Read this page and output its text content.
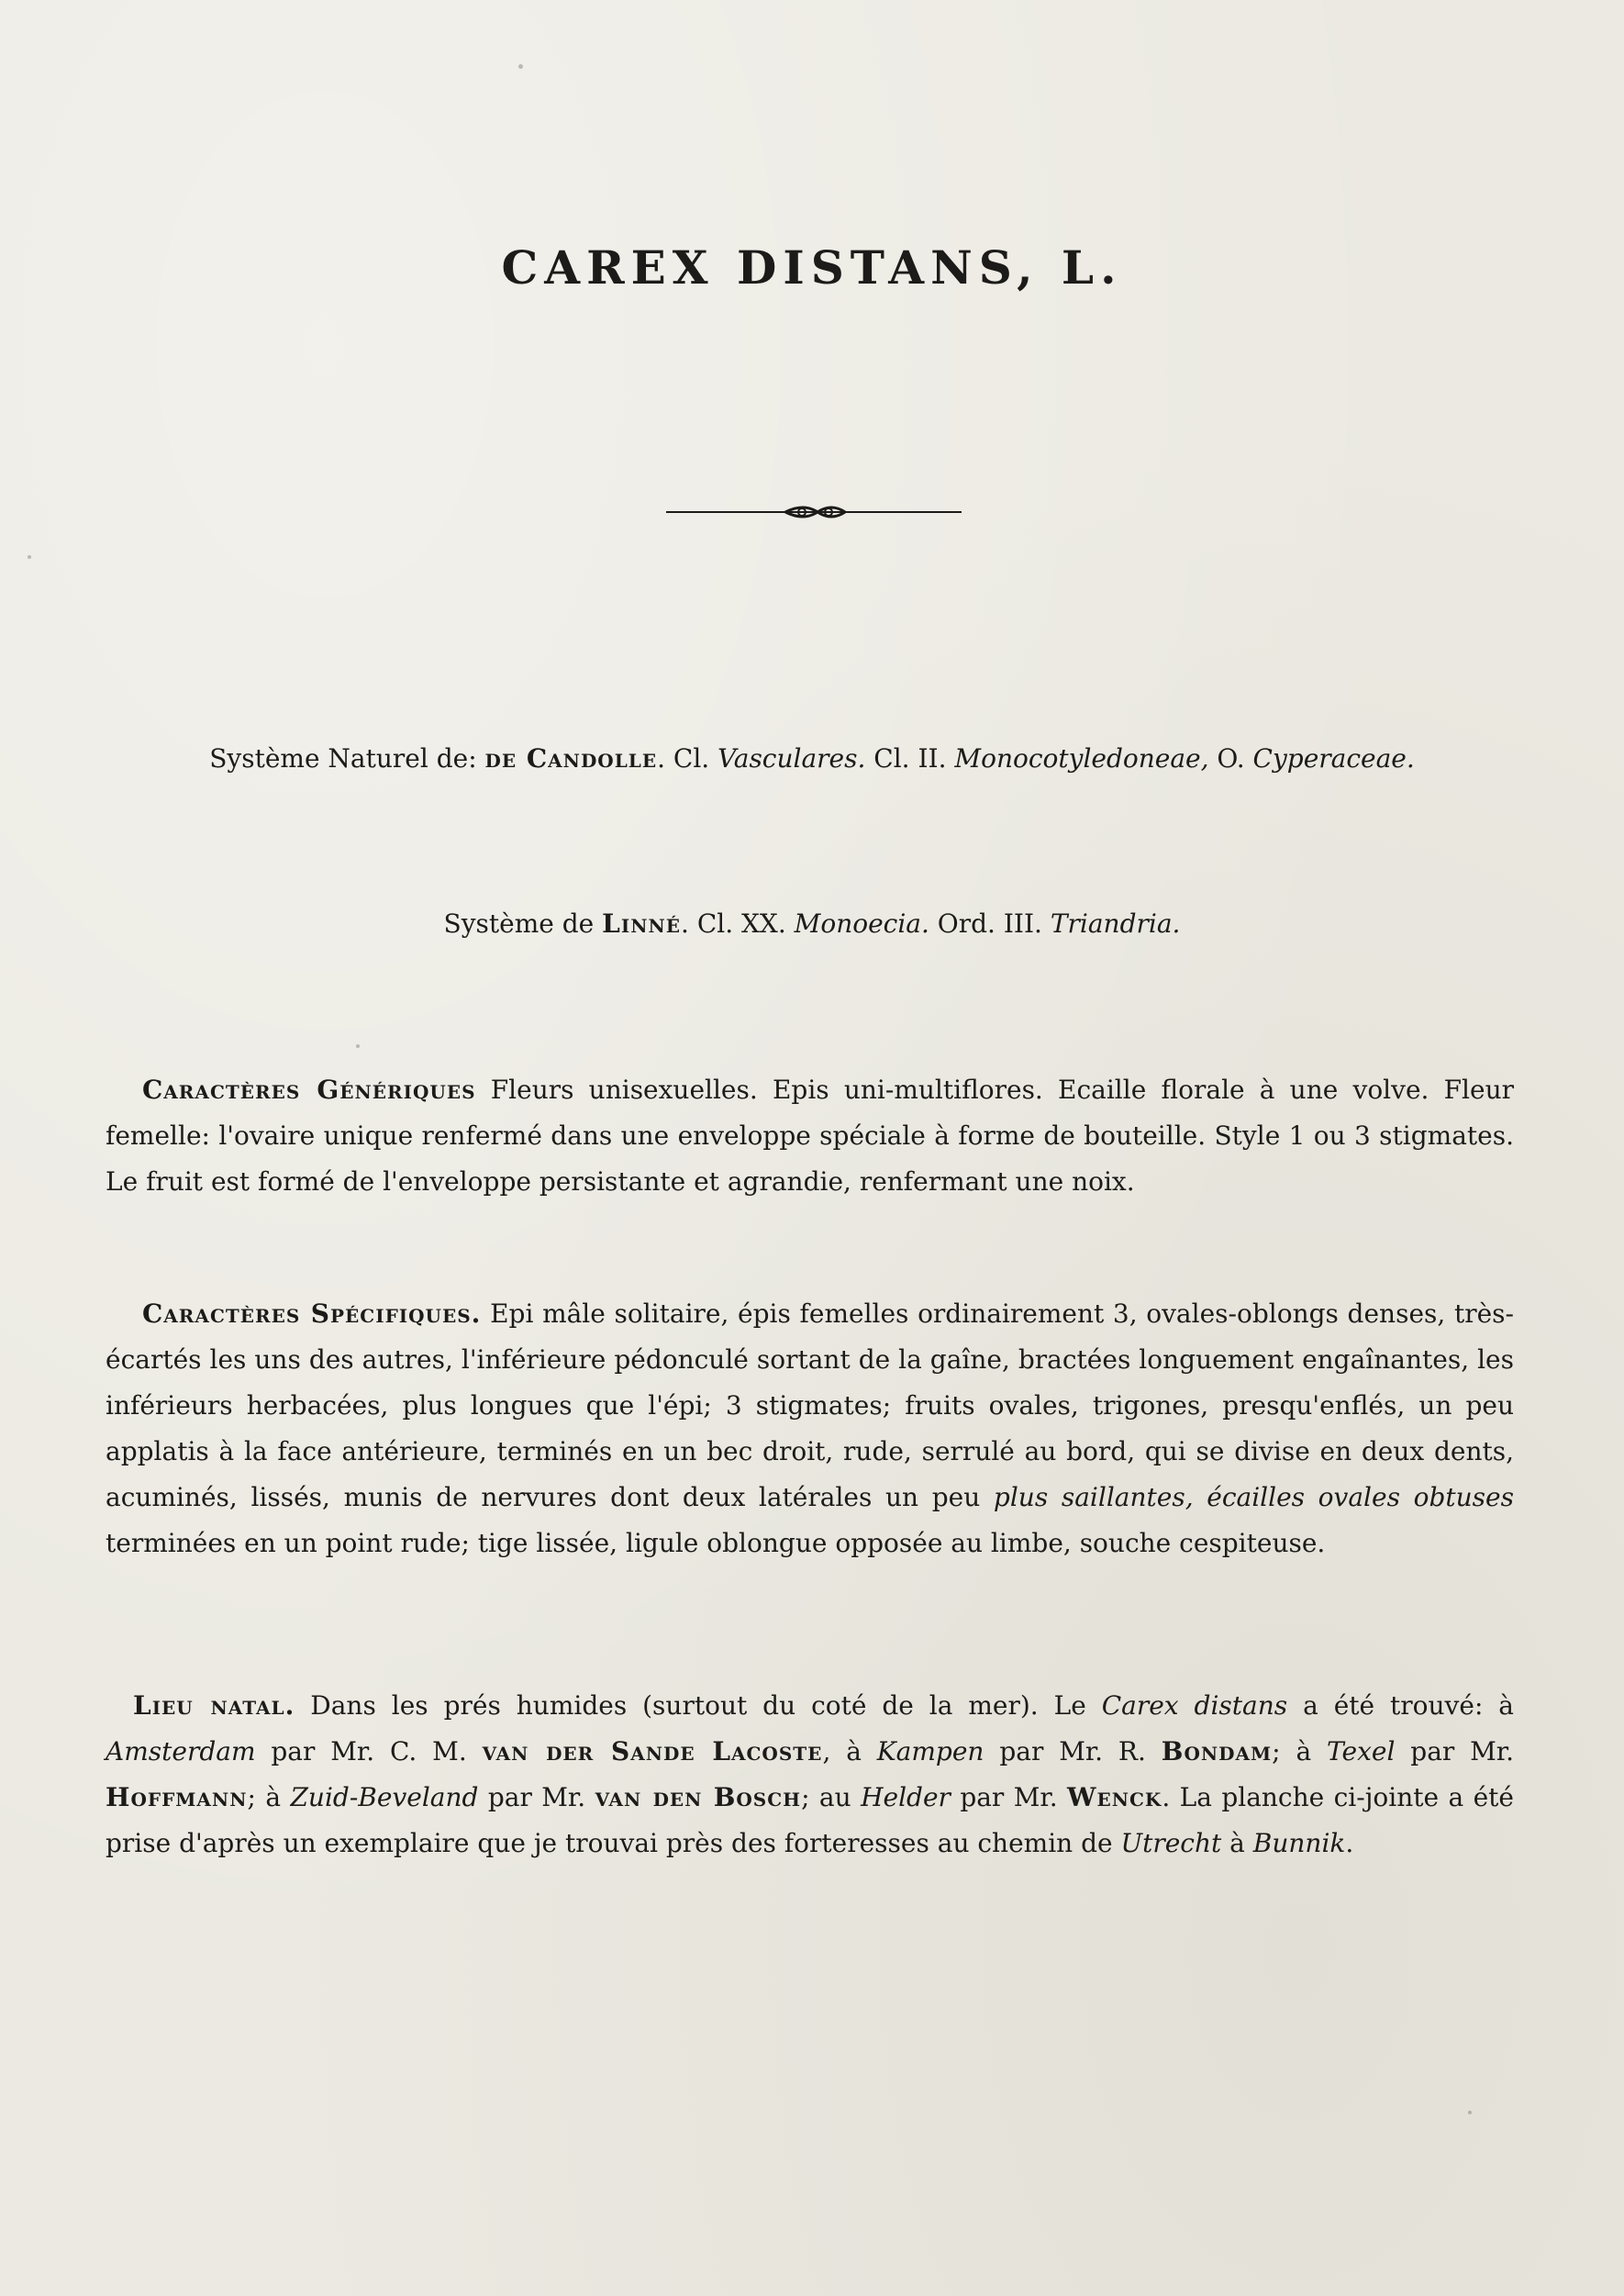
CAREX DISTANS, L.

Système Naturel de: de Candolle. Cl. Vasculares. Cl. II. Monocotyledoneae, O. Cyperaceae.

Système de Linné. Cl. XX. Monoecia. Ord. III. Triandria.

Caractères Génériques Fleurs unisexuelles. Epis uni-multiflores. Ecaille florale à une volve. Fleur femelle: l'ovaire unique renfermé dans une enveloppe spéciale à forme de bouteille. Style 1 ou 3 stigmates. Le fruit est formé de l'enveloppe persistante et agrandie, renfermant une noix.

Caractères Spécifiques. Epi mâle solitaire, épis femelles ordinairement 3, ovales-oblongs denses, très-écartés les uns des autres, l'inférieure pédonculé sortant de la gaîne, bractées longuement engaînantes, les inférieurs herbacées, plus longues que l'épi; 3 stigmates; fruits ovales, trigones, presqu'enflés, un peu applatis à la face antérieure, terminés en un bec droit, rude, serrulé au bord, qui se divise en deux dents, acuminés, lissés, munis de nervures dont deux latérales un peu plus saillantes, écailles ovales obtuses terminées en un point rude; tige lissée, ligule oblongue opposée au limbe, souche cespiteuse.

Lieu natal. Dans les prés humides (surtout du coté de la mer). Le Carex distans a été trouvé: à Amsterdam par Mr. C. M. van der Sande Lacoste, à Kampen par Mr. R. Bondam; à Texel par Mr. Hoffmann; à Zuid-Beveland par Mr. van den Bosch; au Helder par Mr. Wenck. La planche ci-jointe a été prise d'après un exemplaire que je trouvai près des forteresses au chemin de Utrecht à Bunnik.
